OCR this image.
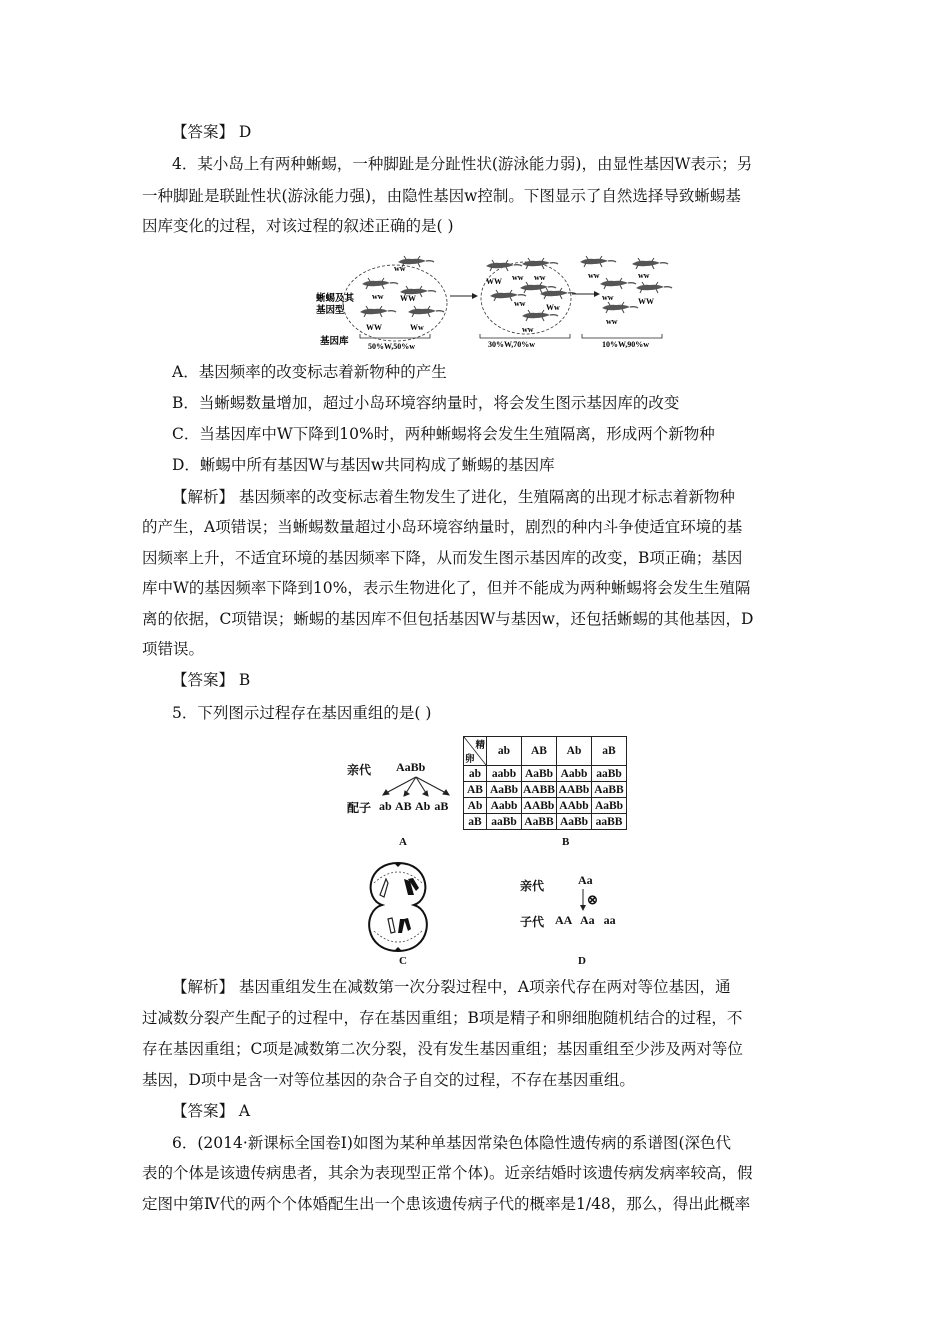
【答案】 D
4．某小岛上有两种蜥蜴，一种脚趾是分趾性状(游泳能力弱)，由显性基因W表示；另
一种脚趾是联趾性状(游泳能力强)，由隐性基因w控制。下图显示了自然选择导致蜥蜴基
因库变化的过程，对该过程的叙述正确的是( )
蜥蜴及其
基因型
基因库
ww
ww WW
WW	Ww
50%W,50%w
WW ww ww
ww	Ww
ww
30%W,70%w
ww	ww
ww	WW
ww
10%W,90%w
A．基因频率的改变标志着新物种的产生
B．当蜥蜴数量增加，超过小岛环境容纳量时，将会发生图示基因库的改变
C．当基因库中W下降到10%时，两种蜥蜴将会发生生殖隔离，形成两个新物种
D．蜥蜴中所有基因W与基因w共同构成了蜥蜴的基因库
【解析】 基因频率的改变标志着生物发生了进化，生殖隔离的出现才标志着新物种
的产生，A项错误；当蜥蜴数量超过小岛环境容纳量时，剧烈的种内斗争使适宜环境的基
因频率上升，不适宜环境的基因频率下降，从而发生图示基因库的改变，B项正确；基因
库中W的基因频率下降到10%，表示生物进化了，但并不能成为两种蜥蜴将会发生生殖隔
离的依据，C项错误；蜥蜴的基因库不但包括基因W与基因w，还包括蜥蜴的其他基因，D
项错误。
【答案】 B
5．下列图示过程存在基因重组的是( )
亲代 AaBb
配子 ab AB Ab aB
A
精
卵	ab	AB	Ab	aB
ab	aabb	AaBb	Aabb	aaBb
AB	AaBb	AABB	AABb	AaBB
Ab	Aabb	AABb	AAbb	AaBb
aB	aaBb	AaBB	AaBb	aaBB
B
C
亲代	Aa
⊗
子代 AA   Aa   aa
D
【解析】 基因重组发生在减数第一次分裂过程中，A项亲代存在两对等位基因，通
过减数分裂产生配子的过程中，存在基因重组；B项是精子和卵细胞随机结合的过程，不
存在基因重组；C项是减数第二次分裂，没有发生基因重组；基因重组至少涉及两对等位
基因，D项中是含一对等位基因的杂合子自交的过程，不存在基因重组。
【答案】 A
6．(2014·新课标全国卷Ⅰ)如图为某种单基因常染色体隐性遗传病的系谱图(深色代
表的个体是该遗传病患者，其余为表现型正常个体)。近亲结婚时该遗传病发病率较高，假
定图中第Ⅳ代的两个个体婚配生出一个患该遗传病子代的概率是1/48，那么，得出此概率
